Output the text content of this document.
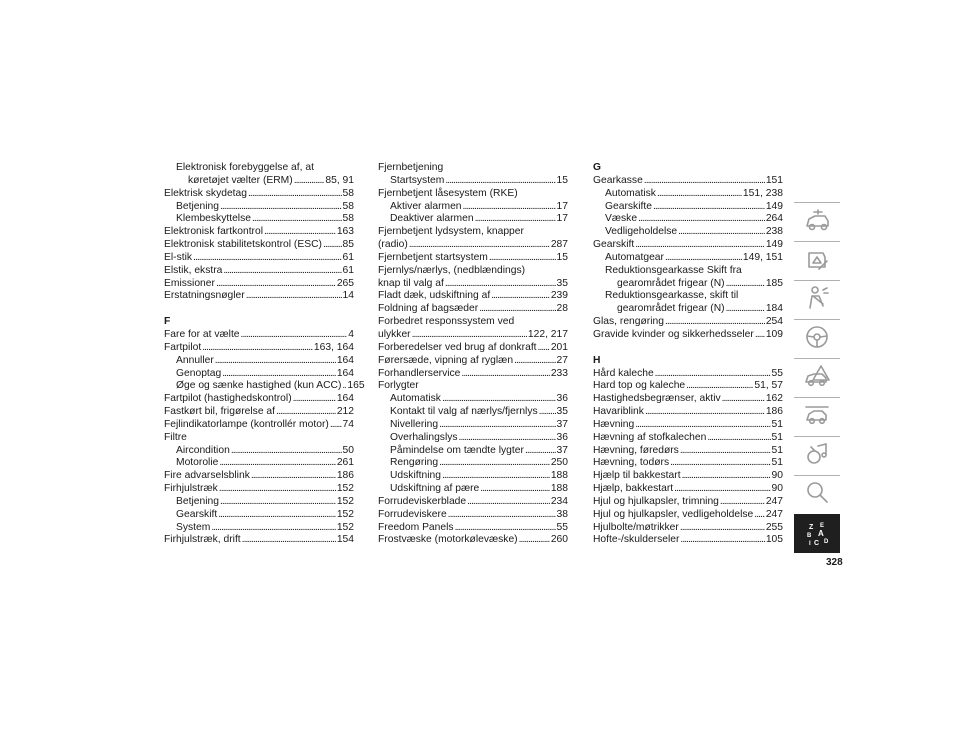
Elektronisk forebyggelse af, at
køretøjet vælter (ERM) . . .	85, 91
Elektrisk skydetag . . .	58
Betjening . . .	58
Klembeskyttelse . . .	58
Elektronisk fartkontrol . . .	163
Elektronisk stabilitetskontrol (ESC) . . . 85
El-stik . . .	61
Elstik, ekstra . . .	61
Emissioner . . .	265
Erstatningsnøgler . . .	14
F
Fare for at vælte . . .	4
Fartpilot . . .	163, 164
Annuller . . .	164
Genoptag . . .	164
Øge og sænke hastighed (kun ACC) . . . 165
Fartpilot (hastighedskontrol) . . .	164
Fastkørt bil, frigørelse af . . .	212
Fejlindikatorlampe (kontrollér motor) . . . 74
Filtre
Aircondition . . .	50
Motorolie . . .	261
Fire advarselsblink . . .	186
Firhjulstræk . . .	152
Betjening . . .	152
Gearskift . . .	152
System . . .	152
Firhjulstræk, drift . . .	154
Fjernbetjening
Startsystem . . .	15
Fjernbetjent låsesystem (RKE)
Aktiver alarmen . . .	17
Deaktiver alarmen . . .	17
Fjernbetjent lydsystem, knapper
(radio) . . .	287
Fjernbetjent startsystem . . .	15
Fjernlys/nærlys, (nedblændings)
knap til valg af . . .	35
Fladt dæk, udskiftning af . . .	239
Foldning af bagsæder . . .	28
Forbedret responssystem ved
ulykker . . .	122, 217
Forberedelser ved brug af donkraft . . . 201
Førersæde, vipning af ryglæn . . .	27
Forhandlerservice . . .	233
Forlygter
Automatisk . . .	36
Kontakt til valg af nærlys/fjernlys . . . 35
Nivellering . . .	37
Overhalingslys . . .	36
Påmindelse om tændte lygter . . .	37
Rengøring . . .	250
Udskiftning . . .	188
Udskiftning af pære . . .	188
Forrudeviskerblade . . .	234
Forrudeviskere . . .	38
Freedom Panels . . .	55
Frostvæske (motorkølevæske) . . .	260
G
Gearkasse . . .	151
Automatisk . . .	151, 238
Gearskifte . . .	149
Væske . . .	264
Vedligeholdelse . . .	238
Gearskift . . .	149
Automatgear . . .	149, 151
Reduktionsgearkasse Skift fra
gearområdet frigear (N) . . .	185
Reduktionsgearkasse, skift til
gearområdet frigear (N) . . .	184
Glas, rengøring . . .	254
Gravide kvinder og sikkerhedsseler . . . 109
H
Hård kaleche . . .	55
Hard top og kaleche . . .	51, 57
Hastighedsbegrænser, aktiv . . .	162
Havariblink . . .	186
Hævning . . .	51
Hævning af stofkalechen . . .	51
Hævning, føredørs . . .	51
Hævning, todørs . . .	51
Hjælp til bakkestart . . .	90
Hjælp, bakkestart . . .	90
Hjul og hjulkapsler, trimning . . .	247
Hjul og hjulkapsler, vedligeholdelse . . . 247
Hjulbolte/møtrikker . . .	255
Hofte-/skulderseler . . .	105
Z E
B A
C D
I
328
